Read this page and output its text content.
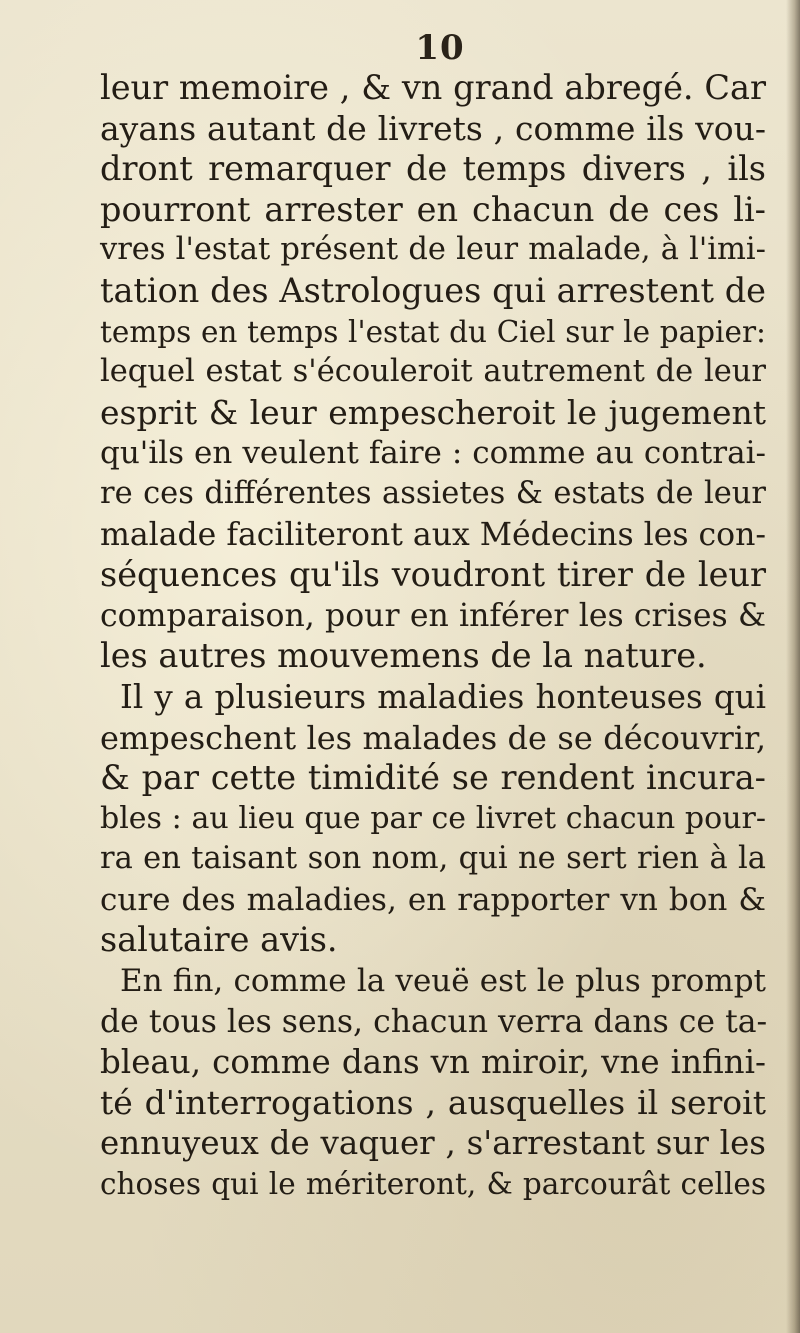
10
leur memoire , & vn grand abregé. Car
ayans autant de livrets , comme ils vou-
dront remarquer de temps divers , ils
pourront arrester en chacun de ces li-
vres l'estat présent de leur malade, à l'imi-
tation des Astrologues qui arrestent de
temps en temps l'estat du Ciel sur le papier:
lequel estat s'écouleroit autrement de leur
esprit & leur empescheroit le jugement
qu'ils en veulent faire : comme au contrai-
re ces différentes assietes & estats de leur
malade faciliteront aux Médecins les con-
séquences qu'ils voudront tirer de leur
comparaison, pour en inférer les crises &
les autres mouvemens de la nature.
Il y a plusieurs maladies honteuses qui
empeschent les malades de se découvrir,
& par cette timidité se rendent incura-
bles : au lieu que par ce livret chacun pour-
ra en taisant son nom, qui ne sert rien à la
cure des maladies, en rapporter vn bon &
salutaire avis.
En fin, comme la veuë est le plus prompt
de tous les sens, chacun verra dans ce ta-
bleau, comme dans vn miroir, vne infini-
té d'interrogations , ausquelles il seroit
ennuyeux de vaquer , s'arrestant sur les
choses qui le mériteront, & parcourât celles
